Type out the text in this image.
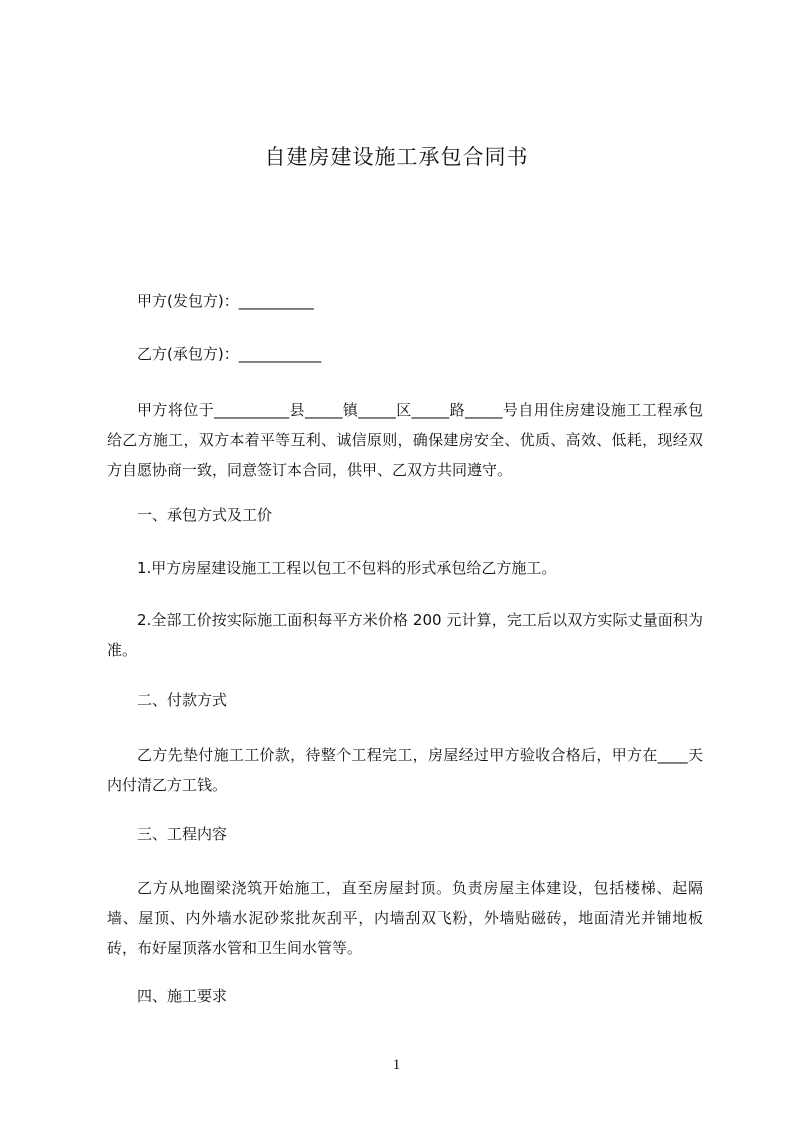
自建房建设施工承包合同书
甲方(发包方)：__________
乙方(承包方)：___________
甲方将位于__________县_____镇_____区_____路_____号自用住房建设施工工程承包给乙方施工，双方本着平等互利、诚信原则，确保建房安全、优质、高效、低耗，现经双方自愿协商一致，同意签订本合同，供甲、乙双方共同遵守。
一、承包方式及工价
1.甲方房屋建设施工工程以包工不包料的形式承包给乙方施工。
2.全部工价按实际施工面积每平方米价格 200 元计算，完工后以双方实际丈量面积为准。
二、付款方式
乙方先垫付施工工价款，待整个工程完工，房屋经过甲方验收合格后，甲方在____天内付清乙方工钱。
三、工程内容
乙方从地圈梁浇筑开始施工，直至房屋封顶。负责房屋主体建设，包括楼梯、起隔墙、屋顶、内外墙水泥砂浆批灰刮平，内墙刮双飞粉，外墙贴磁砖，地面清光并铺地板砖，布好屋顶落水管和卫生间水管等。
四、施工要求
1
